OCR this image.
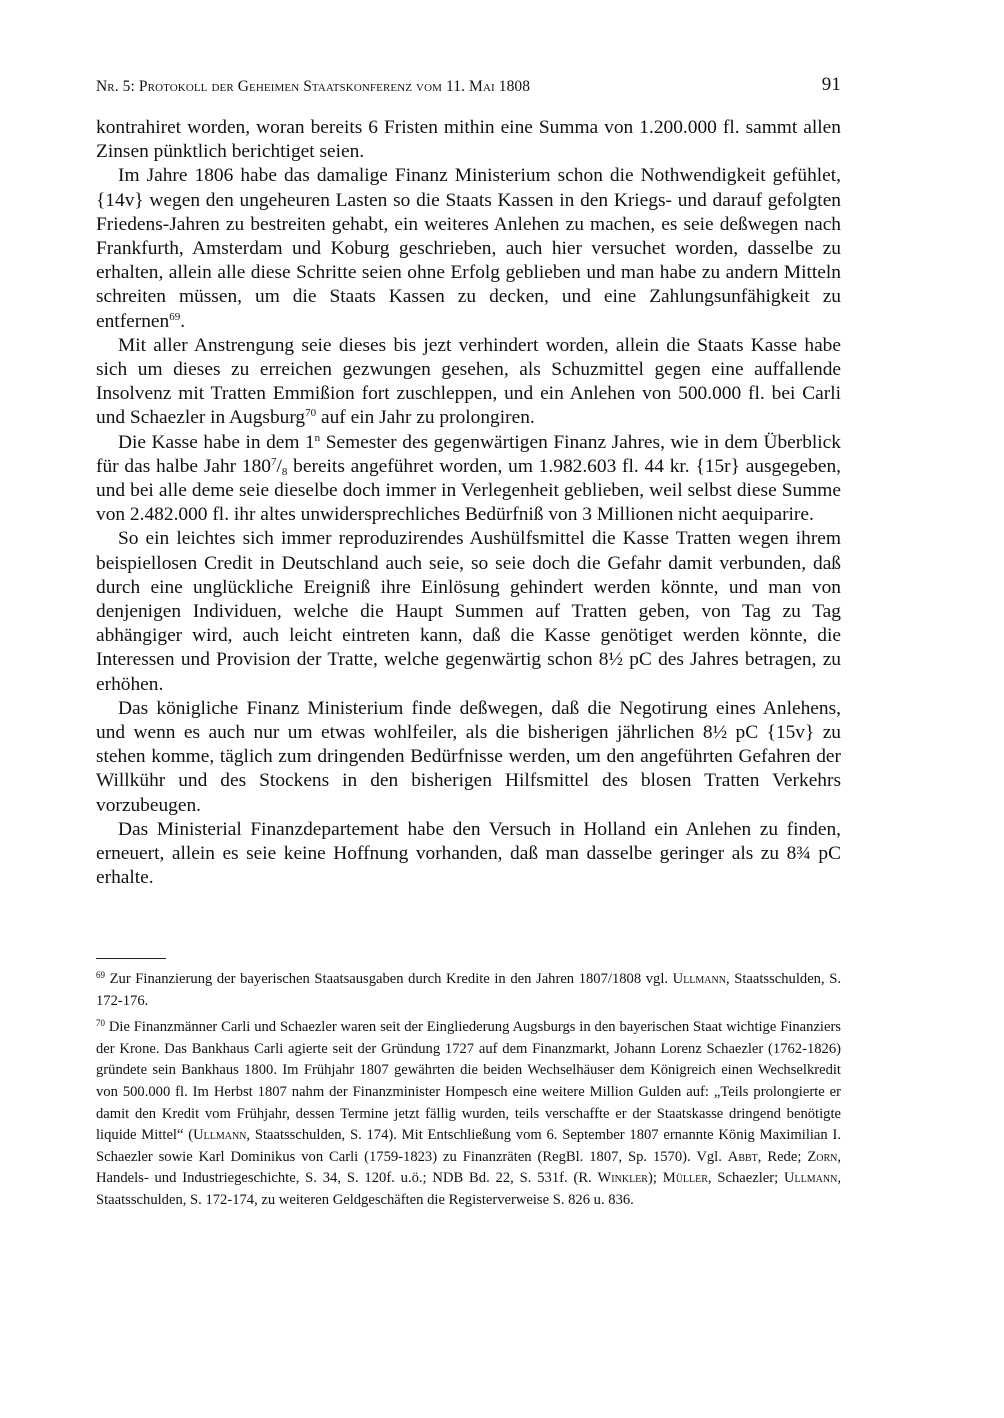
Nr. 5: Protokoll der Geheimen Staatskonferenz vom 11. Mai 1808	91

kontrahiret worden, woran bereits 6 Fristen mithin eine Summa von 1.200.000 fl. sammt allen Zinsen pünktlich berichtiget seien.

Im Jahre 1806 habe das damalige Finanz Ministerium schon die Nothwendigkeit gefühlet, {14v} wegen den ungeheuren Lasten so die Staats Kassen in den Kriegs- und darauf gefolgten Friedens-Jahren zu bestreiten gehabt, ein weiteres Anlehen zu machen, es seie deßwegen nach Frankfurth, Amsterdam und Koburg geschrieben, auch hier versuchet worden, dasselbe zu erhalten, allein alle diese Schritte seien ohne Erfolg geblieben und man habe zu andern Mitteln schreiten müssen, um die Staats Kassen zu decken, und eine Zahlungsunfähigkeit zu entfernen$^{69}$.

Mit aller Anstrengung seie dieses bis jezt verhindert worden, allein die Staats Kasse habe sich um dieses zu erreichen gezwungen gesehen, als Schuzmittel gegen eine auffallende Insolvenz mit Tratten Emmißion fort zuschleppen, und ein Anlehen von 500.000 fl. bei Carli und Schaezler in Augsburg$^{70}$ auf ein Jahr zu prolongiren.

Die Kasse habe in dem 1$^n$ Semester des gegenwärtigen Finanz Jahres, wie in dem Überblick für das halbe Jahr $180^7/_8$ bereits angeführet worden, um 1.982.603 fl. 44 kr. {15r} ausgegeben, und bei alle deme seie dieselbe doch immer in Verlegenheit geblieben, weil selbst diese Summe von 2.482.000 fl. ihr altes unwidersprechliches Bedürfniß von 3 Millionen nicht aequiparire.

So ein leichtes sich immer reproduzirendes Aushülfsmittel die Kasse Tratten wegen ihrem beispiellosen Credit in Deutschland auch seie, so seie doch die Gefahr damit verbunden, daß durch eine unglückliche Ereigniß ihre Einlösung gehindert werden könnte, und man von denjenigen Individuen, welche die Haupt Summen auf Tratten geben, von Tag zu Tag abhängiger wird, auch leicht eintreten kann, daß die Kasse genötiget werden könnte, die Interessen und Provision der Tratte, welche gegenwärtig schon 8½ pC des Jahres betragen, zu erhöhen.

Das königliche Finanz Ministerium finde deßwegen, daß die Negotirung eines Anlehens, und wenn es auch nur um etwas wohlfeiler, als die bisherigen jährlichen 8½ pC {15v} zu stehen komme, täglich zum dringenden Bedürfnisse werden, um den angeführten Gefahren der Willkühr und des Stockens in den bisherigen Hilfsmittel des blosen Tratten Verkehrs vorzubeugen.

Das Ministerial Finanzdepartement habe den Versuch in Holland ein Anlehen zu finden, erneuert, allein es seie keine Hoffnung vorhanden, daß man dasselbe geringer als zu 8¾ pC erhalte.

$^{69}$ Zur Finanzierung der bayerischen Staatsausgaben durch Kredite in den Jahren 1807/1808 vgl. Ullmann, Staatsschulden, S. 172-176.

$^{70}$ Die Finanzmänner Carli und Schaezler waren seit der Eingliederung Augsburgs in den bayerischen Staat wichtige Finanziers der Krone. Das Bankhaus Carli agierte seit der Gründung 1727 auf dem Finanzmarkt, Johann Lorenz Schaezler (1762-1826) gründete sein Bankhaus 1800. Im Frühjahr 1807 gewährten die beiden Wechselhäuser dem Königreich einen Wechselkredit von 500.000 fl. Im Herbst 1807 nahm der Finanzminister Hompesch eine weitere Million Gulden auf: „Teils prolongierte er damit den Kredit vom Frühjahr, dessen Termine jetzt fällig wurden, teils verschaffte er der Staatskasse dringend benötigte liquide Mittel“ (Ullmann, Staatsschulden, S. 174). Mit Entschließung vom 6. September 1807 ernannte König Maximilian I. Schaezler sowie Karl Dominikus von Carli (1759-1823) zu Finanzräten (RegBl. 1807, Sp. 1570). Vgl. Abbt, Rede; Zorn, Handels- und Industriegeschichte, S. 34, S. 120f. u.ö.; NDB Bd. 22, S. 531f. (R. Winkler); Müller, Schaezler; Ullmann, Staatsschulden, S. 172-174, zu weiteren Geldgeschäften die Registerverweise S. 826 u. 836.
